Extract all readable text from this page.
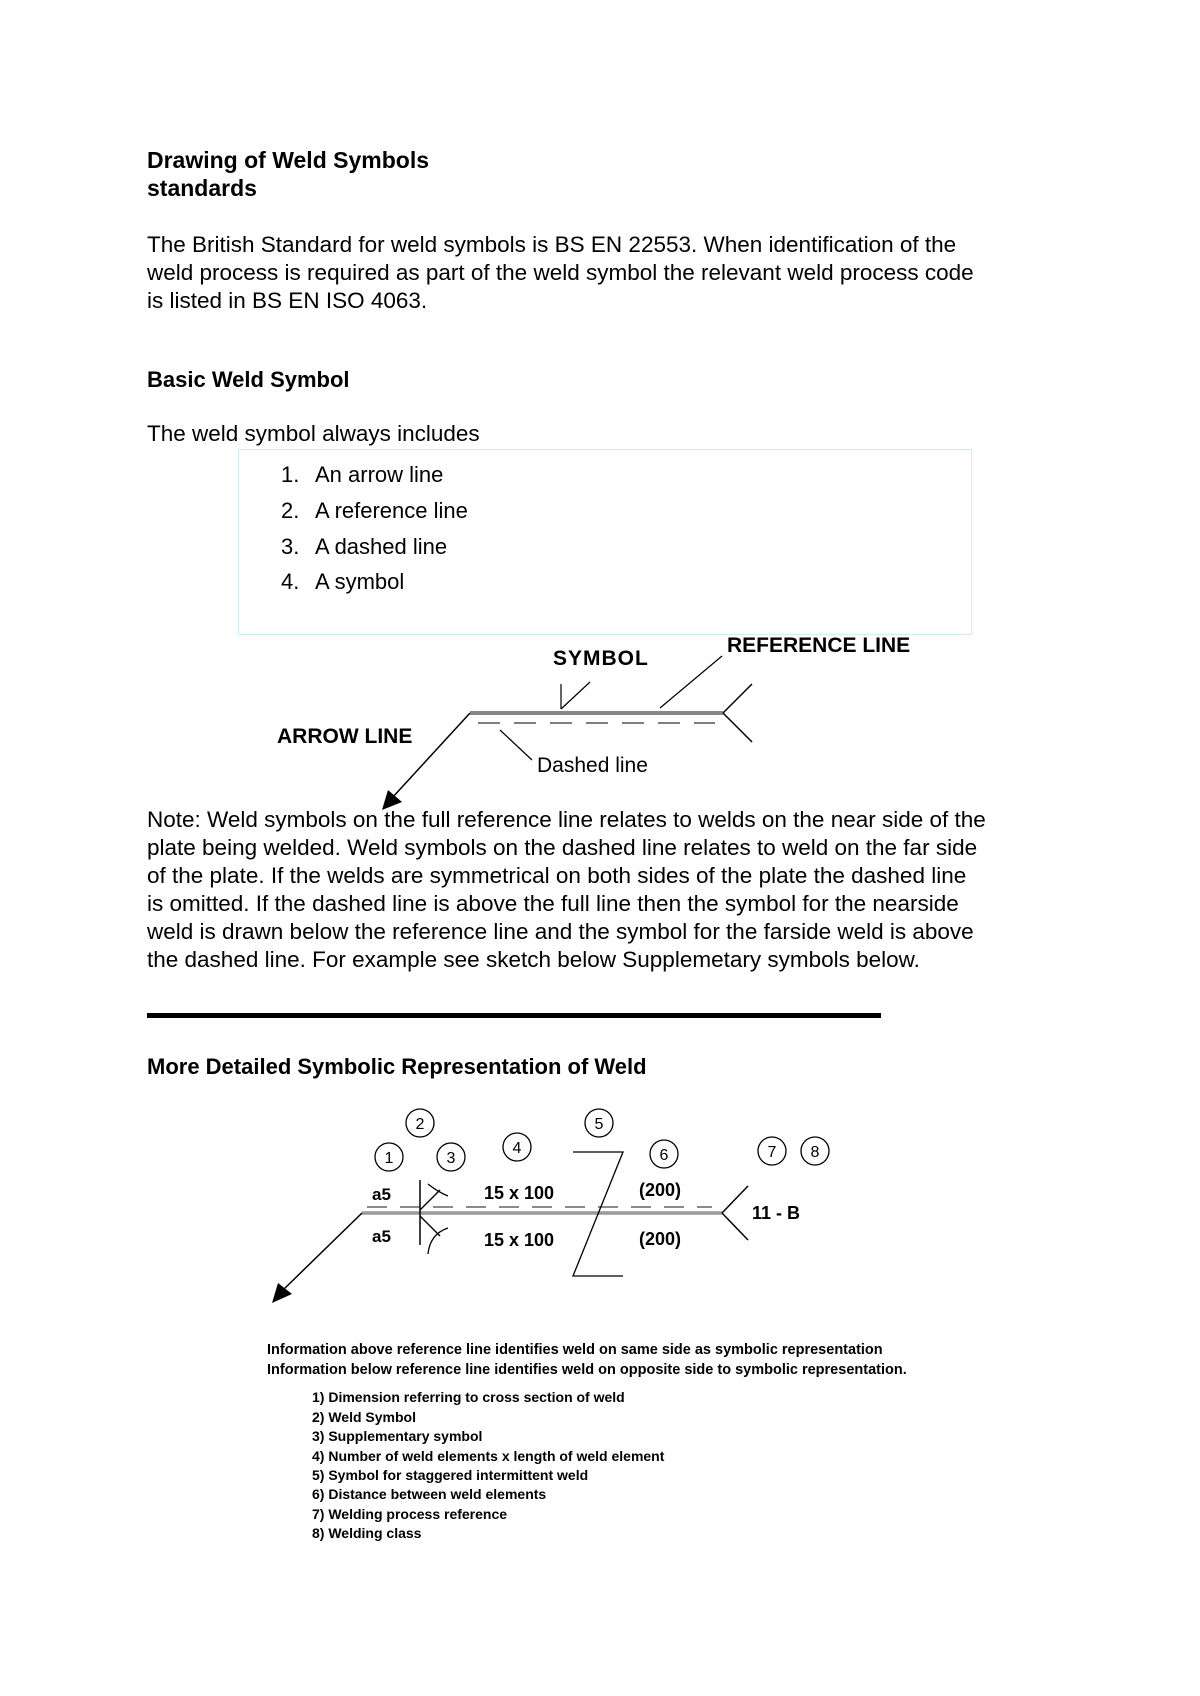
Drawing of Weld Symbols
standards
The British Standard for weld symbols is BS EN 22553. When identification of the
weld process is required as part of the weld symbol the relevant weld process code
is listed in BS EN ISO 4063.
Basic Weld Symbol
The weld symbol always includes
1. An arrow line
2. A reference line
3. A dashed line
4. A symbol
SYMBOL
REFERENCE LINE
ARROW LINE
Dashed line
Note: Weld symbols on the full reference line relates to welds on the near side of the
plate being welded. Weld symbols on the dashed line relates to weld on the far side
of the plate. If the welds are symmetrical on both sides of the plate the dashed line
is omitted. If the dashed line is above the full line then the symbol for the nearside
weld is drawn below the reference line and the symbol for the farside weld is above
the dashed line. For example see sketch below Supplemetary symbols below.
More Detailed Symbolic Representation of Weld
1
2
3
4
5
6	7 8
a5
a5
15 x 100
15 x 100
(200)
(200)
11 - B
Information above reference line identifies weld on same side as symbolic representation
Information below reference line identifies weld on opposite side to symbolic representation.
1) Dimension referring to cross section of weld
2) Weld Symbol
3) Supplementary symbol
4) Number of weld elements x length of weld element
5) Symbol for staggered intermittent weld
6) Distance between weld elements
7) Welding process reference
8) Welding class
